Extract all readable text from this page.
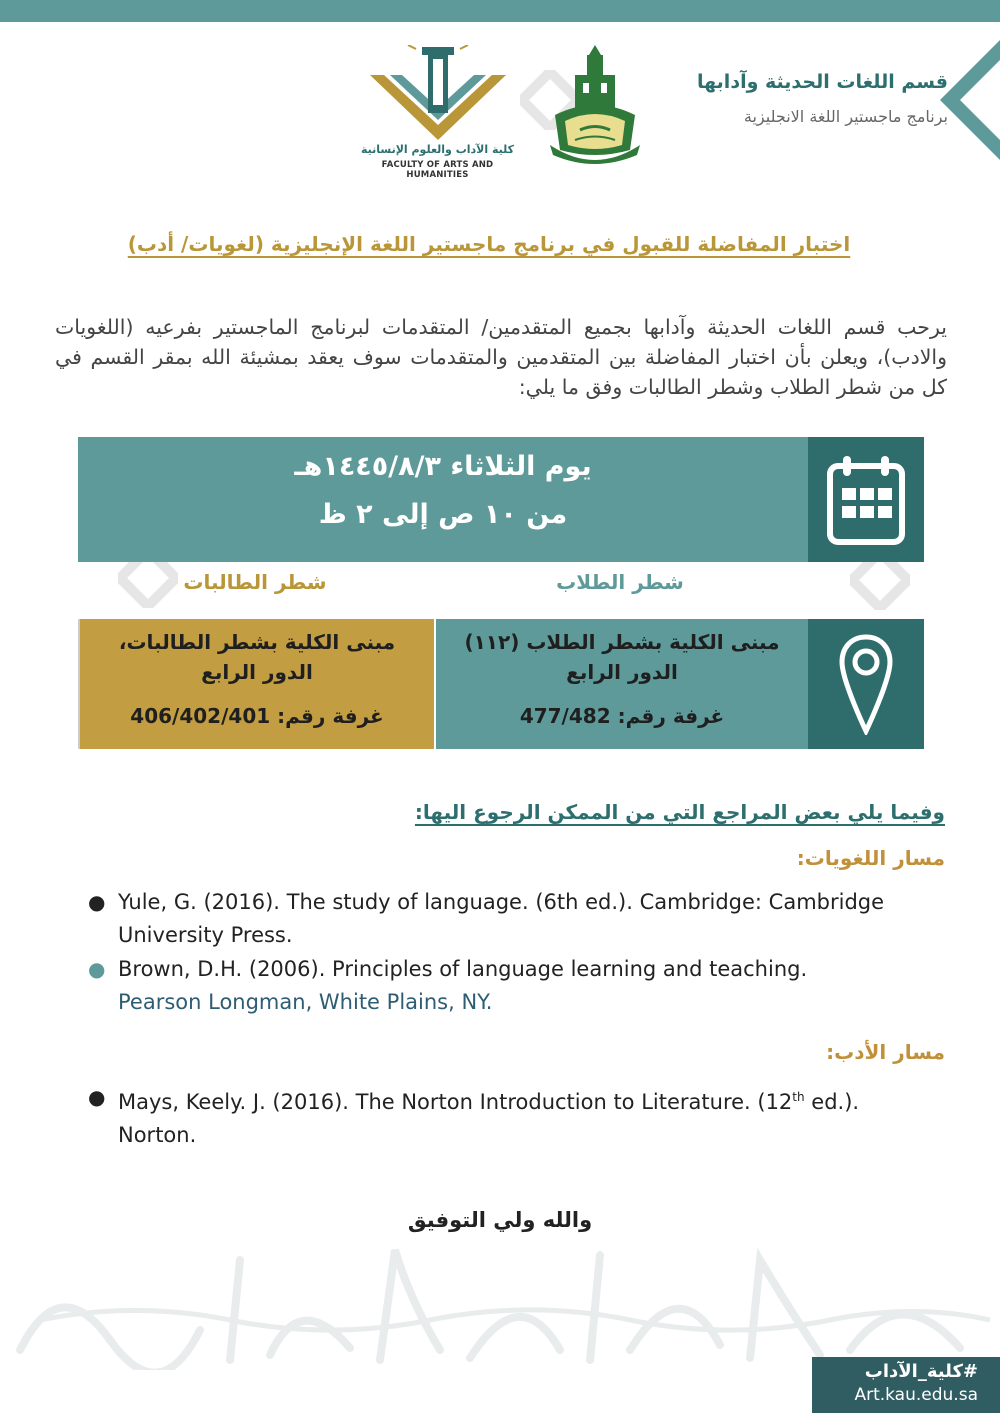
قسم اللغات الحديثة وآدابها
برنامج ماجستير اللغة الانجليزية
كلية الآداب والعلوم الإنسانية
FACULTY OF ARTS AND HUMANITIES
اختبار المفاضلة للقبول في برنامج ماجستير اللغة الإنجليزية (لغويات/ أدب)
يرحب قسم اللغات الحديثة وآدابها بجميع المتقدمين/ المتقدمات لبرنامج الماجستير بفرعيه (اللغويات والادب)، ويعلن بأن اختبار المفاضلة بين المتقدمين والمتقدمات سوف يعقد بمشيئة الله بمقر القسم في كل من شطر الطلاب وشطر الطالبات وفق ما يلي:
يوم الثلاثاء ١٤٤٥/٨/٣هـ
من ١٠ ص إلى ٢ ظ
شطر الطالبات	شطر الطلاب
مبنى الكلية بشطر الطالبات،
الدور الرابع
غرفة رقم: 406/402/401
مبنى الكلية بشطر الطلاب (١١٢)
الدور الرابع
غرفة رقم: 477/482
وفيما يلي بعض المراجع التي من الممكن الرجوع اليها:
مسار اللغويات:
● Yule, G. (2016). The study of language. (6th ed.). Cambridge: Cambridge
University Press.
● Brown, D.H. (2006). Principles of language learning and teaching.
Pearson Longman, White Plains, NY.
مسار الأدب:
● Mays, Keely. J. (2016). The Norton Introduction to Literature. (12th ed.).
Norton.
والله ولي التوفيق
#كلية_الآداب
Art.kau.edu.sa
